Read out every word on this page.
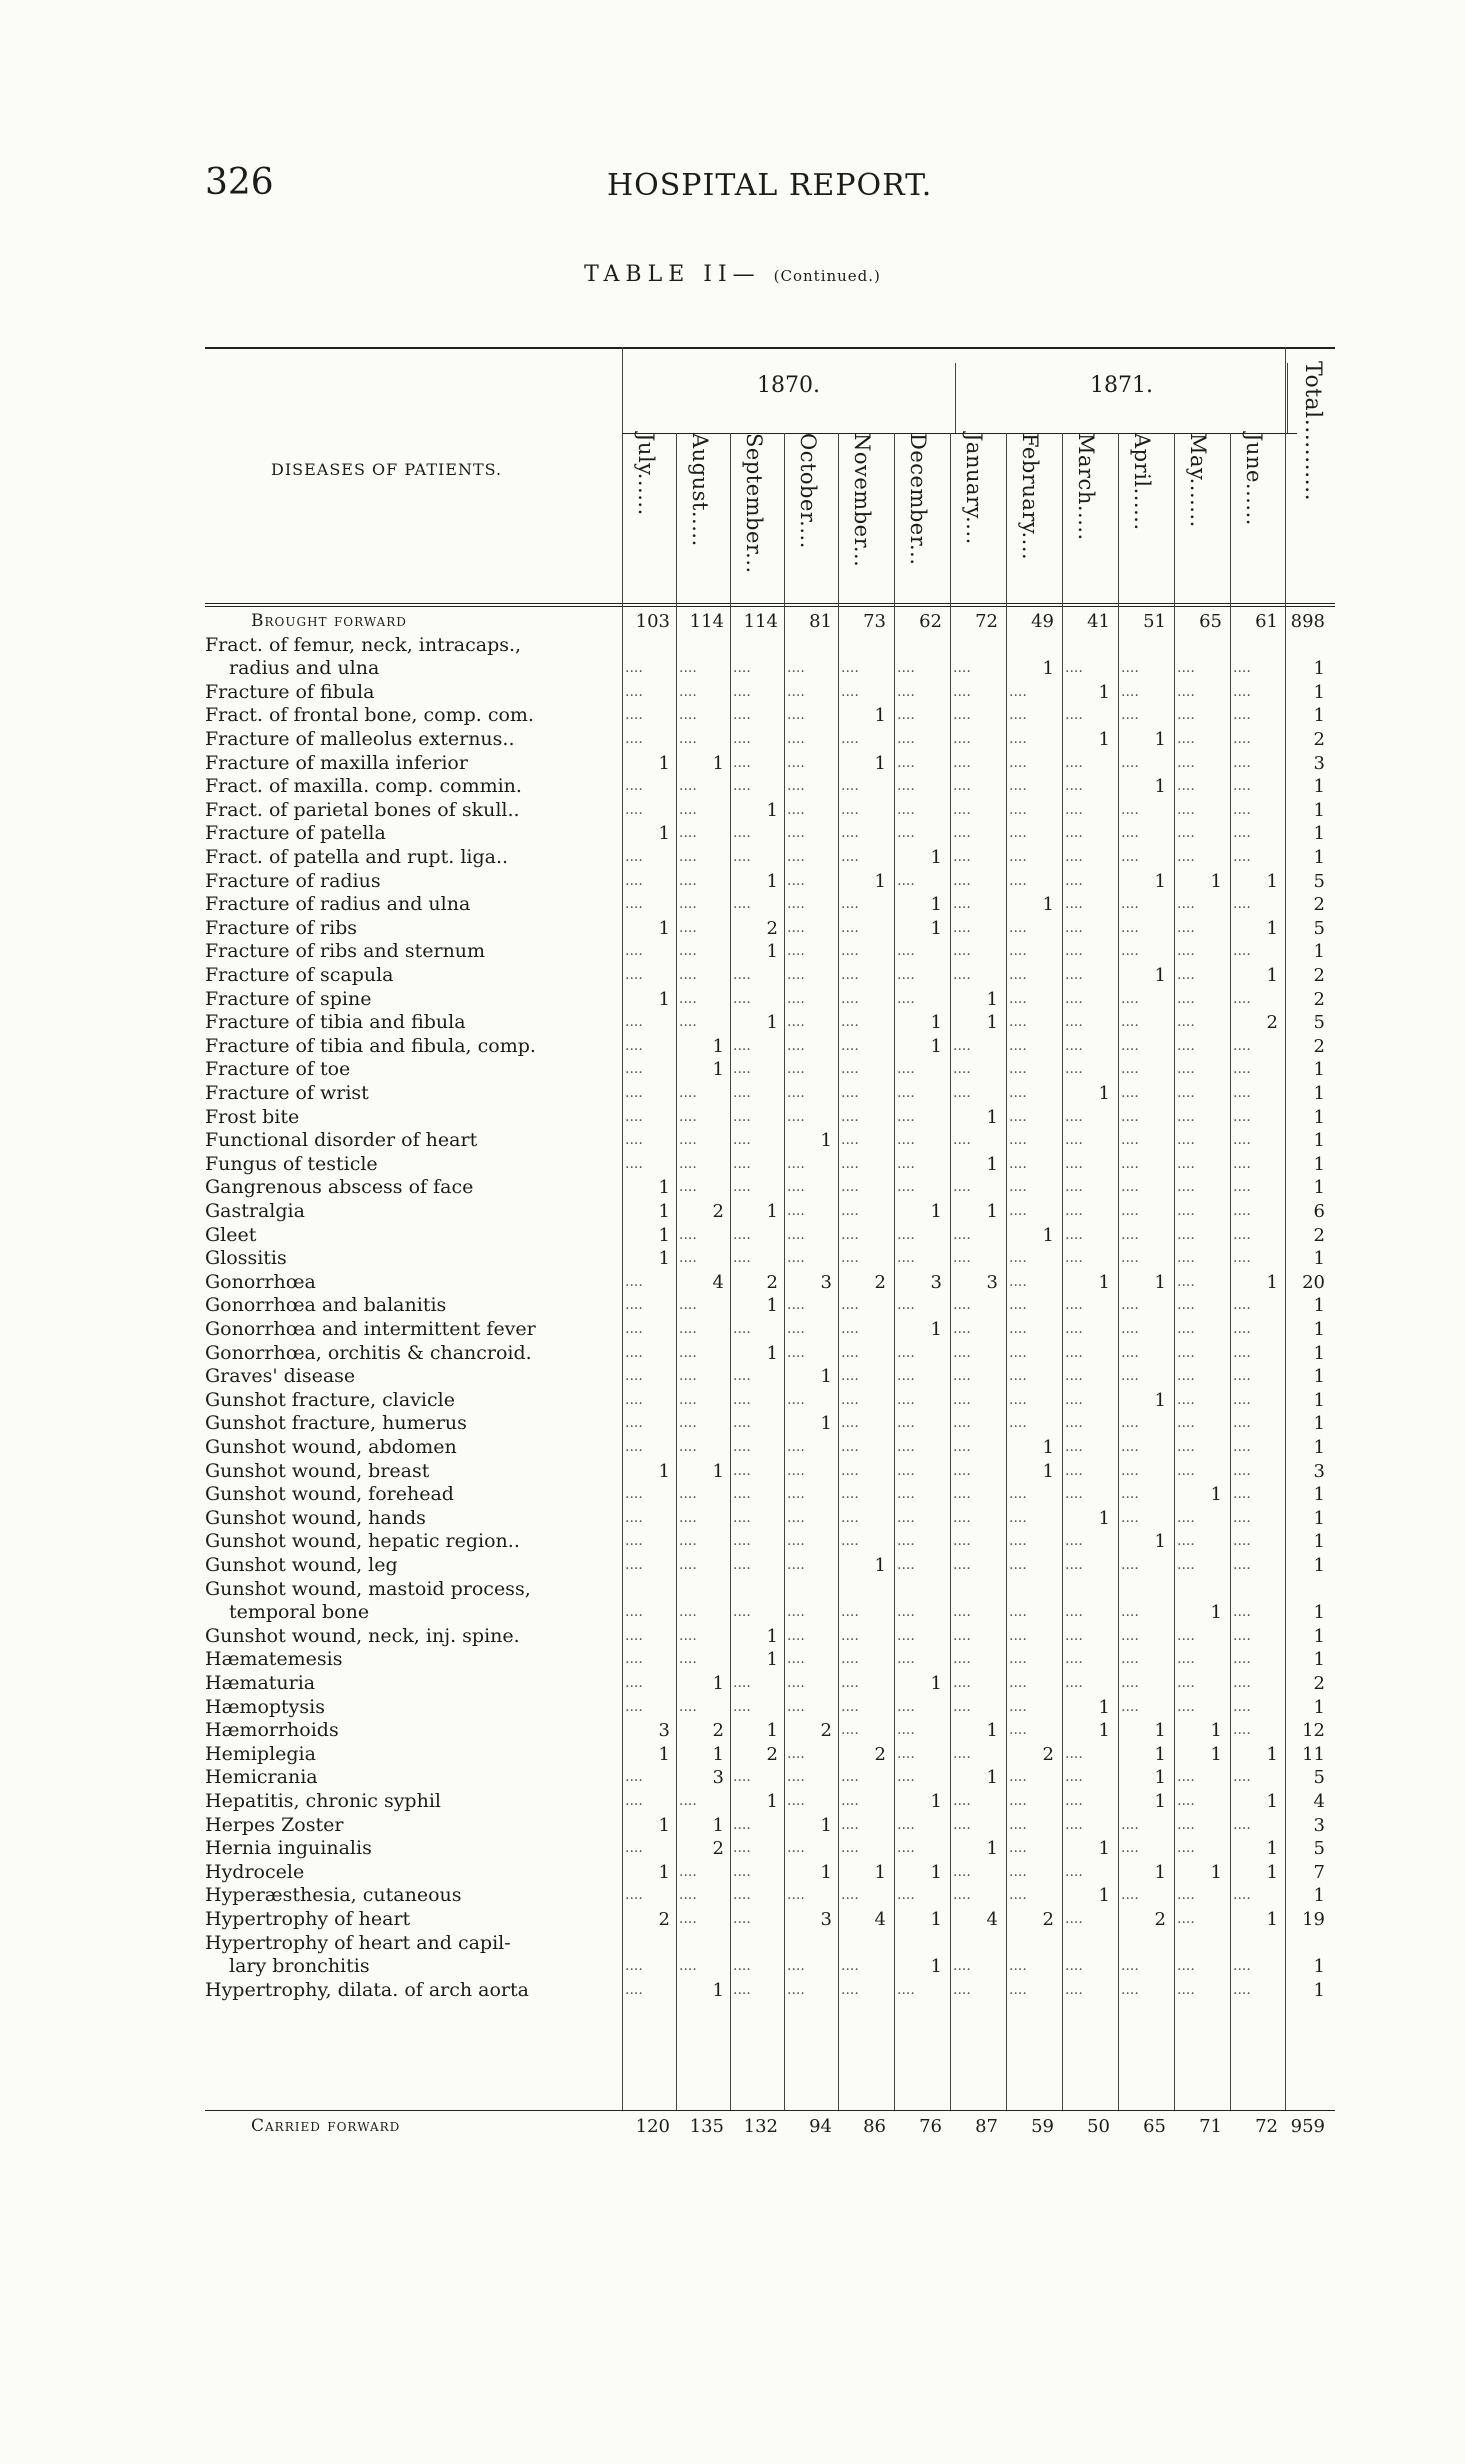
326	HOSPITAL REPORT.
TABLE II— (Continued.)
1870.	1871.
DISEASES OF PATIENTS.	Total...........
July...... August..... September... October.... November... December... January.... February.... March..... April...... May....... June......
Brought forward	103	114	114	81	73	62	72	49	41	51	65	61 898
Fract. of femur, neck, intracaps.,
radius and ulna	....	....	....	....	....	....	....	1 ....	....	....	....	1
Fracture of fibula	....	....	....	....	....	....	....	....	1 ....	....	....	1
Fract. of frontal bone, comp. com.	....	....	....	....	1 ....	....	....	....	....	....	....	1
Fracture of malleolus externus..	....	....	....	....	....	....	....	....	1	1 ....	....	2
Fracture of maxilla inferior	1	1 ....	....	1 ....	....	....	....	....	....	....	3
Fract. of maxilla. comp. commin.	....	....	....	....	....	....	....	....	....	1 ....	....	1
Fract. of parietal bones of skull..	....	....	1 ....	....	....	....	....	....	....	....	....	1
Fracture of patella	1 ....	....	....	....	....	....	....	....	....	....	....	1
Fract. of patella and rupt. liga..	....	....	....	....	....	1 ....	....	....	....	....	....	1
Fracture of radius	....	....	1 ....	1 ....	....	....	....	1	1	1	5
Fracture of radius and ulna	....	....	....	....	....	1 ....	1 ....	....	....	....	2
Fracture of ribs	1 ....	2 ....	....	1 ....	....	....	....	....	1	5
Fracture of ribs and sternum	....	....	1 ....	....	....	....	....	....	....	....	....	1
Fracture of scapula	....	....	....	....	....	....	....	....	....	1 ....	1	2
Fracture of spine	1 ....	....	....	....	....	1 ....	....	....	....	....	2
Fracture of tibia and fibula	....	....	1 ....	....	1	1 ....	....	....	....	2	5
Fracture of tibia and fibula, comp.	....	1 ....	....	....	1 ....	....	....	....	....	....	2
Fracture of toe	....	1 ....	....	....	....	....	....	....	....	....	....	1
Fracture of wrist	....	....	....	....	....	....	....	....	1 ....	....	....	1
Frost bite	....	....	....	....	....	....	1 ....	....	....	....	....	1
Functional disorder of heart	....	....	....	1 ....	....	....	....	....	....	....	....	1
Fungus of testicle	....	....	....	....	....	....	1 ....	....	....	....	....	1
Gangrenous abscess of face	1 ....	....	....	....	....	....	....	....	....	....	....	1
Gastralgia	1	2	1 ....	....	1	1 ....	....	....	....	....	6
Gleet	1 ....	....	....	....	....	....	1 ....	....	....	....	2
Glossitis	1 ....	....	....	....	....	....	....	....	....	....	....	1
Gonorrhœa	....	4	2	3	2	3	3 ....	1	1 ....	1	20
Gonorrhœa and balanitis	....	....	1 ....	....	....	....	....	....	....	....	....	1
Gonorrhœa and intermittent fever	....	....	....	....	....	1 ....	....	....	....	....	....	1
Gonorrhœa, orchitis & chancroid.	....	....	1 ....	....	....	....	....	....	....	....	....	1
Graves' disease	....	....	....	1 ....	....	....	....	....	....	....	....	1
Gunshot fracture, clavicle	....	....	....	....	....	....	....	....	....	1 ....	....	1
Gunshot fracture, humerus	....	....	....	1 ....	....	....	....	....	....	....	....	1
Gunshot wound, abdomen	....	....	....	....	....	....	....	1 ....	....	....	....	1
Gunshot wound, breast	1	1 ....	....	....	....	....	1 ....	....	....	....	3
Gunshot wound, forehead	....	....	....	....	....	....	....	....	....	....	1 ....	1
Gunshot wound, hands	....	....	....	....	....	....	....	....	1 ....	....	....	1
Gunshot wound, hepatic region..	....	....	....	....	....	....	....	....	....	1 ....	....	1
Gunshot wound, leg	....	....	....	....	1 ....	....	....	....	....	....	....	1
Gunshot wound, mastoid process,
temporal bone	....	....	....	....	....	....	....	....	....	....	1 ....	1
Gunshot wound, neck, inj. spine.	....	....	1 ....	....	....	....	....	....	....	....	....	1
Hæmatemesis	....	....	1 ....	....	....	....	....	....	....	....	....	1
Hæmaturia	....	1 ....	....	....	1 ....	....	....	....	....	....	2
Hæmoptysis	....	....	....	....	....	....	....	....	1 ....	....	....	1
Hæmorrhoids	3	2	1	2 ....	....	1 ....	1	1	1 ....	12
Hemiplegia	1	1	2 ....	2 ....	....	2 ....	1	1	1	11
Hemicrania	....	3 ....	....	....	....	1 ....	....	1 ....	....	5
Hepatitis, chronic syphil	....	....	1 ....	....	1 ....	....	....	1 ....	1	4
Herpes Zoster	1	1 ....	1 ....	....	....	....	....	....	....	....	3
Hernia inguinalis	....	2 ....	....	....	....	1 ....	1 ....	....	1	5
Hydrocele	1 ....	....	1	1	1 ....	....	....	1	1	1	7
Hyperæsthesia, cutaneous	....	....	....	....	....	....	....	....	1 ....	....	....	1
Hypertrophy of heart	2 ....	....	3	4	1	4	2 ....	2 ....	1	19
Hypertrophy of heart and capil-
lary bronchitis	....	....	....	....	....	1 ....	....	....	....	....	....	1
Hypertrophy, dilata. of arch aorta	....	1 ....	....	....	....	....	....	....	....	....	....	1
Carried forward	120	135	132	94	86	76	87	59	50	65	71	72 959
